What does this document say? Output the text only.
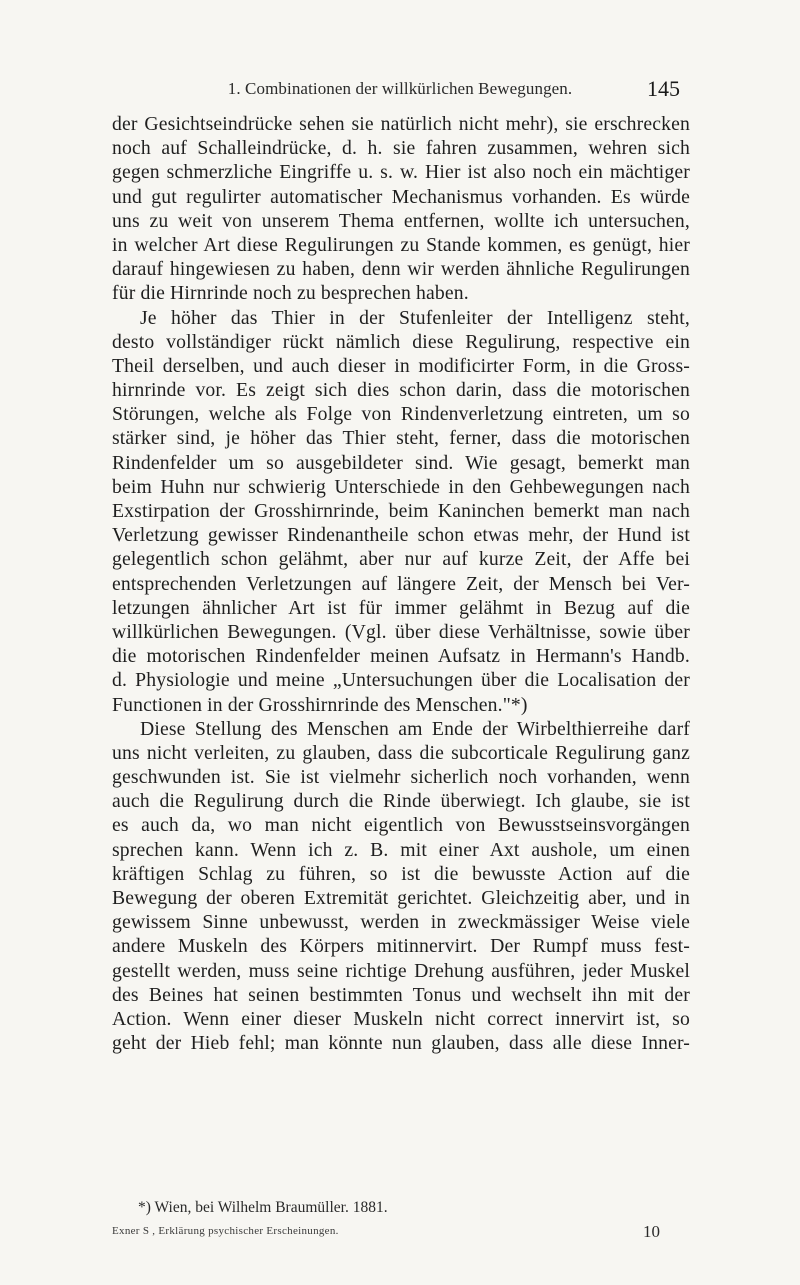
1. Combinationen der willkürlichen Bewegungen.	145
der Gesichtseindrücke sehen sie natürlich nicht mehr), sie erschrecken
noch auf Schalleindrücke, d. h. sie fahren zusammen, wehren sich
gegen schmerzliche Eingriffe u. s. w. Hier ist also noch ein mächtiger
und gut regulirter automatischer Mechanismus vorhanden. Es würde
uns zu weit von unserem Thema entfernen, wollte ich untersuchen,
in welcher Art diese Regulirungen zu Stande kommen, es genügt, hier
darauf hingewiesen zu haben, denn wir werden ähnliche Regulirungen
für die Hirnrinde noch zu besprechen haben.
Je höher das Thier in der Stufenleiter der Intelligenz steht,
desto vollständiger rückt nämlich diese Regulirung, respective ein
Theil derselben, und auch dieser in modificirter Form, in die Gross-
hirnrinde vor. Es zeigt sich dies schon darin, dass die motorischen
Störungen, welche als Folge von Rindenverletzung eintreten, um so
stärker sind, je höher das Thier steht, ferner, dass die motorischen
Rindenfelder um so ausgebildeter sind. Wie gesagt, bemerkt man
beim Huhn nur schwierig Unterschiede in den Gehbewegungen nach
Exstirpation der Grosshirnrinde, beim Kaninchen bemerkt man nach
Verletzung gewisser Rindenantheile schon etwas mehr, der Hund ist
gelegentlich schon gelähmt, aber nur auf kurze Zeit, der Affe bei
entsprechenden Verletzungen auf längere Zeit, der Mensch bei Ver-
letzungen ähnlicher Art ist für immer gelähmt in Bezug auf die
willkürlichen Bewegungen. (Vgl. über diese Verhältnisse, sowie über
die motorischen Rindenfelder meinen Aufsatz in Hermann's Handb.
d. Physiologie und meine „Untersuchungen über die Localisation der
Functionen in der Grosshirnrinde des Menschen."*)
Diese Stellung des Menschen am Ende der Wirbelthierreihe darf
uns nicht verleiten, zu glauben, dass die subcorticale Regulirung ganz
geschwunden ist. Sie ist vielmehr sicherlich noch vorhanden, wenn
auch die Regulirung durch die Rinde überwiegt. Ich glaube, sie ist
es auch da, wo man nicht eigentlich von Bewusstseinsvorgängen
sprechen kann. Wenn ich z. B. mit einer Axt aushole, um einen
kräftigen Schlag zu führen, so ist die bewusste Action auf die
Bewegung der oberen Extremität gerichtet. Gleichzeitig aber, und in
gewissem Sinne unbewusst, werden in zweckmässiger Weise viele
andere Muskeln des Körpers mitinnervirt. Der Rumpf muss fest-
gestellt werden, muss seine richtige Drehung ausführen, jeder Muskel
des Beines hat seinen bestimmten Tonus und wechselt ihn mit der
Action. Wenn einer dieser Muskeln nicht correct innervirt ist, so
geht der Hieb fehl; man könnte nun glauben, dass alle diese Inner-
*) Wien, bei Wilhelm Braumüller. 1881.
Exner S , Erklärung psychischer Erscheinungen.	10
